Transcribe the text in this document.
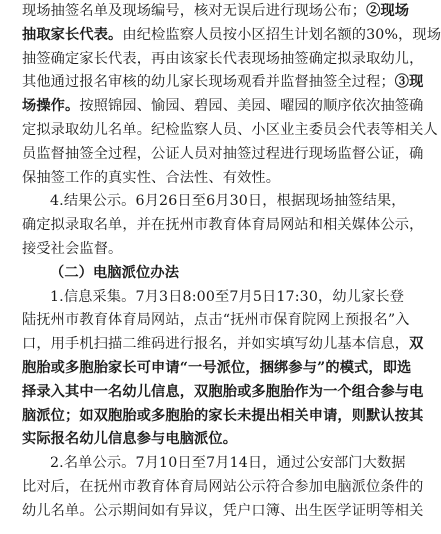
现场抽签名单及现场编号，核对无误后进行现场公布；②现场
抽取家长代表。由纪检监察人员按小区招生计划名额的30%，现场
抽签确定家长代表，再由该家长代表现场抽签确定拟录取幼儿，
其他通过报名审核的幼儿家长现场观看并监督抽签全过程；③现
场操作。按照锦园、愉园、碧园、美园、曜园的顺序依次抽签确
定拟录取幼儿名单。纪检监察人员、小区业主委员会代表等相关人
员监督抽签全过程，公证人员对抽签过程进行现场监督公证，确
保抽签工作的真实性、合法性、有效性。
4.结果公示。6月26日至6月30日，根据现场抽签结果，
确定拟录取名单，并在抚州市教育体育局网站和相关媒体公示，
接受社会监督。
（二）电脑派位办法
1.信息采集。7月3日8:00至7月5日17:30，幼儿家长登
陆抚州市教育体育局网站，点击“抚州市保育院网上预报名”入
口，用手机扫描二维码进行报名，并如实填写幼儿基本信息，双
胞胎或多胞胎家长可申请“一号派位，捆绑参与”的模式，即选
择录入其中一名幼儿信息，双胞胎或多胞胎作为一个组合参与电
脑派位；如双胞胎或多胞胎的家长未提出相关申请，则默认按其
实际报名幼儿信息参与电脑派位。
2.名单公示。7月10日至7月14日，通过公安部门大数据
比对后，在抚州市教育体育局网站公示符合参加电脑派位条件的
幼儿名单。公示期间如有异议，凭户口簿、出生医学证明等相关
